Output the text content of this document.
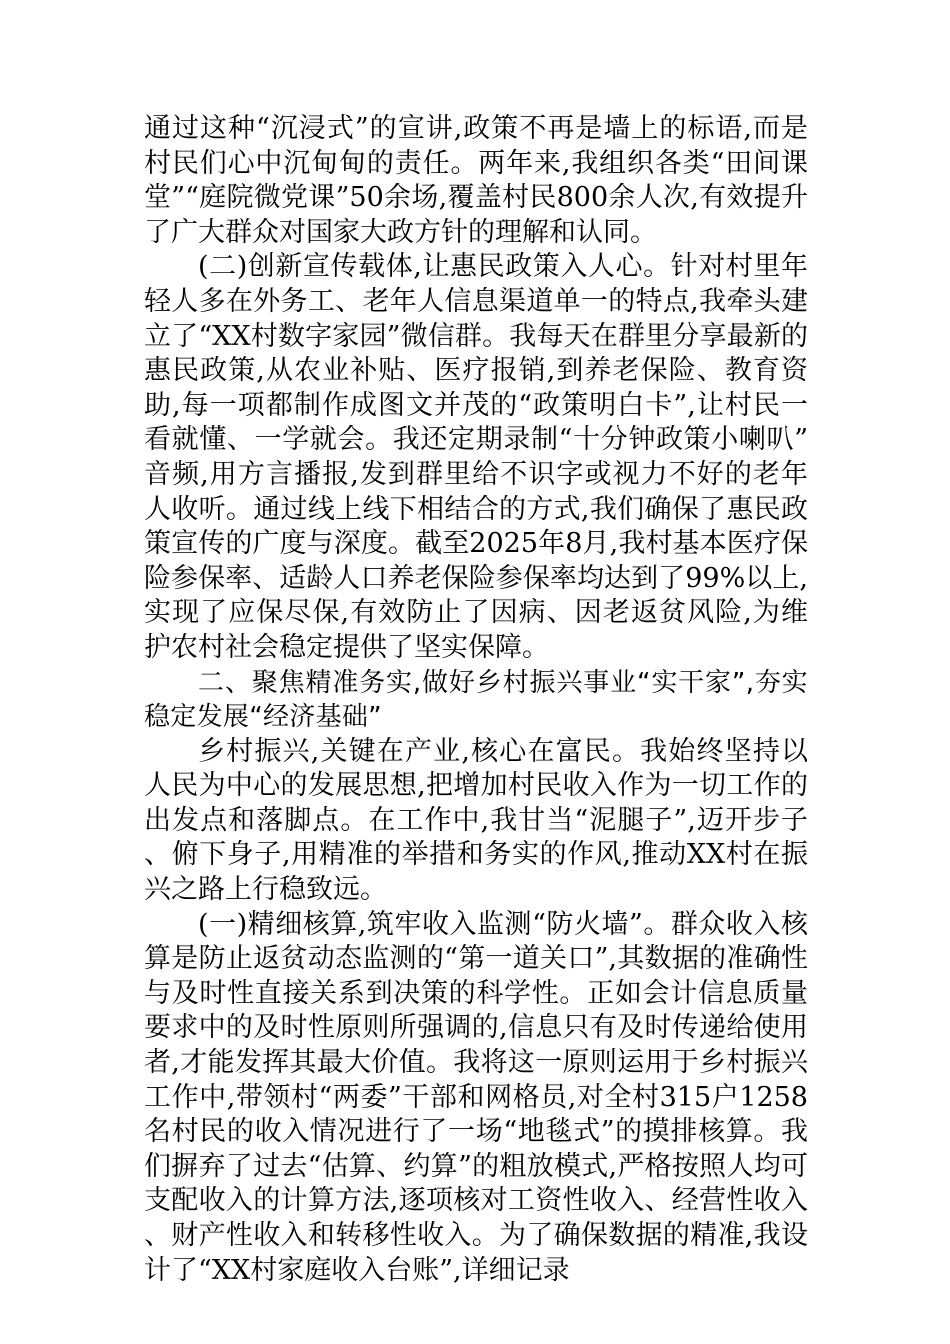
通过这种“沉浸式”的宣讲,政策不再是墙上的标语,而是村民们心中沉甸甸的责任。两年来,我组织各类“田间课堂”“庭院微党课”50余场,覆盖村民800余人次,有效提升了广大群众对国家大政方针的理解和认同。

(二)创新宣传载体,让惠民政策入人心。针对村里年轻人多在外务工、老年人信息渠道单一的特点,我牵头建立了“XX村数字家园”微信群。我每天在群里分享最新的惠民政策,从农业补贴、医疗报销,到养老保险、教育资助,每一项都制作成图文并茂的“政策明白卡”,让村民一看就懂、一学就会。我还定期录制“十分钟政策小喇叭”音频,用方言播报,发到群里给不识字或视力不好的老年人收听。通过线上线下相结合的方式,我们确保了惠民政策宣传的广度与深度。截至2025年8月,我村基本医疗保险参保率、适龄人口养老保险参保率均达到了99%以上,实现了应保尽保,有效防止了因病、因老返贫风险,为维护农村社会稳定提供了坚实保障。

二、聚焦精准务实,做好乡村振兴事业“实干家”,夯实稳定发展“经济基础”

乡村振兴,关键在产业,核心在富民。我始终坚持以人民为中心的发展思想,把增加村民收入作为一切工作的出发点和落脚点。在工作中,我甘当“泥腿子”,迈开步子、俯下身子,用精准的举措和务实的作风,推动XX村在振兴之路上行稳致远。

(一)精细核算,筑牢收入监测“防火墙”。群众收入核算是防止返贫动态监测的“第一道关口”,其数据的准确性与及时性直接关系到决策的科学性。正如会计信息质量要求中的及时性原则所强调的,信息只有及时传递给使用者,才能发挥其最大价值。我将这一原则运用于乡村振兴工作中,带领村“两委”干部和网格员,对全村315户1258名村民的收入情况进行了一场“地毯式”的摸排核算。我们摒弃了过去“估算、约算”的粗放模式,严格按照人均可支配收入的计算方法,逐项核对工资性收入、经营性收入、财产性收入和转移性收入。为了确保数据的精准,我设计了“XX村家庭收入台账”,详细记录
